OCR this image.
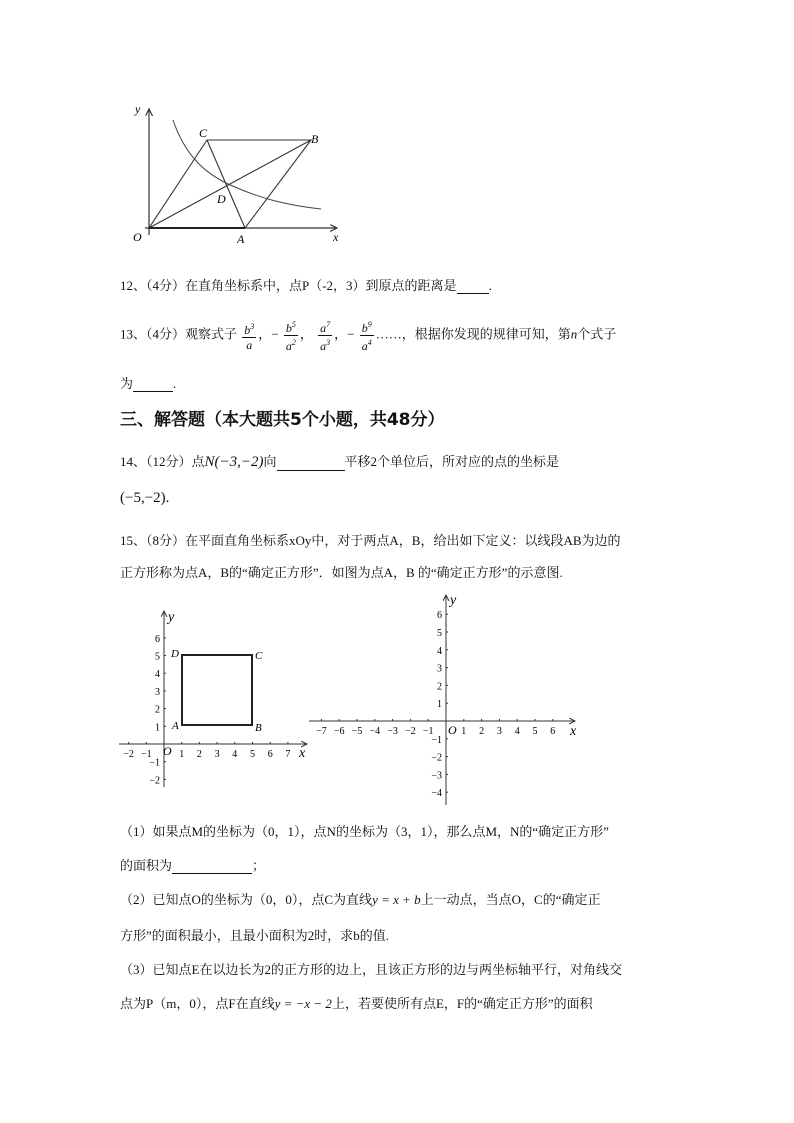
y
x
O	A
B
C
D
12、（4分）在直角坐标系中，点P（-2，3）到原点的距离是 .
13、（4分）观察式子 $\frac{b^3}{a}$ ，− $\frac{b^5}{a^2}$ ， $\frac{a^7}{a^3}$ ，− $\frac{b^9}{a^4}$ ……，根据你发现的规律可知，第n个式子
为	.
三、解答题（本大题共5个小题，共48分）
14、（12分）点N(−3,−2)向	平移2个单位后，所对应的点的坐标是
(−5,−2).
15、（8分）在平面直角坐标系xOy中，对于两点A，B，给出如下定义：以线段AB为边的
正方形称为点A，B的“确定正方形”．如图为点A，B 的“确定正方形”的示意图.
−2 −1	1 2 3 4 5 6 7
6
5
4
3
2
1
−1
−2
y
x
O
A	B
C
D
−7 −6 −5 −4 −3 −2 −1	1 2 3 4 5 6
6
5
4
3
2
1
−1
−2
−3
−4
y
x
O
（1）如果点M的坐标为（0，1），点N的坐标为（3，1），那么点M，N的“确定正方形”
的面积为	；
（2）已知点O的坐标为（0，0），点C为直线y = x + b上一动点，当点O，C的“确定正
方形”的面积最小，且最小面积为2时，求b的值.
（3）已知点E在以边长为2的正方形的边上，且该正方形的边与两坐标轴平行，对角线交
点为P（m，0），点F在直线y = −x − 2上，若要使所有点E，F的“确定正方形”的面积
